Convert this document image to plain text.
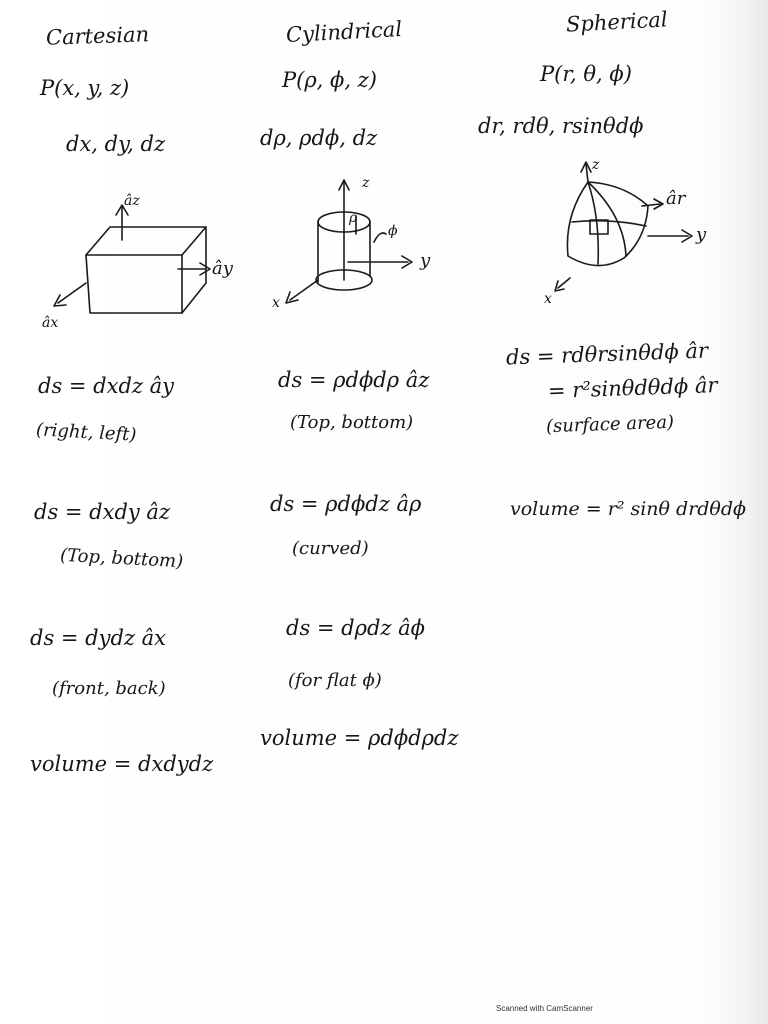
Cartesian	Cylindrical	Spherical
P(x, y, z)	P(ρ, ϕ, z)	P(r, θ, ϕ)
dx, dy, dz	dρ, ρdϕ, dz	dr, rdθ, rsinθdϕ
âz
ây
âx
z
ρ
ϕ
y
x
z
âr
y
x
ds = dxdz ây
(right, left)
ds = dxdy âz
(Top, bottom)
ds = dydz âx
(front, back)
volume = dxdydz
ds = ρdϕdρ âz
(Top, bottom)
ds = ρdϕdz âρ
(curved)
ds = dρdz âϕ
(for flat ϕ)
volume = ρdϕdρdz
ds = rdθrsinθdϕ âr
= r²sinθdθdϕ âr
(surface area)
volume = r² sinθ drdθdϕ
Scanned with CamScanner
